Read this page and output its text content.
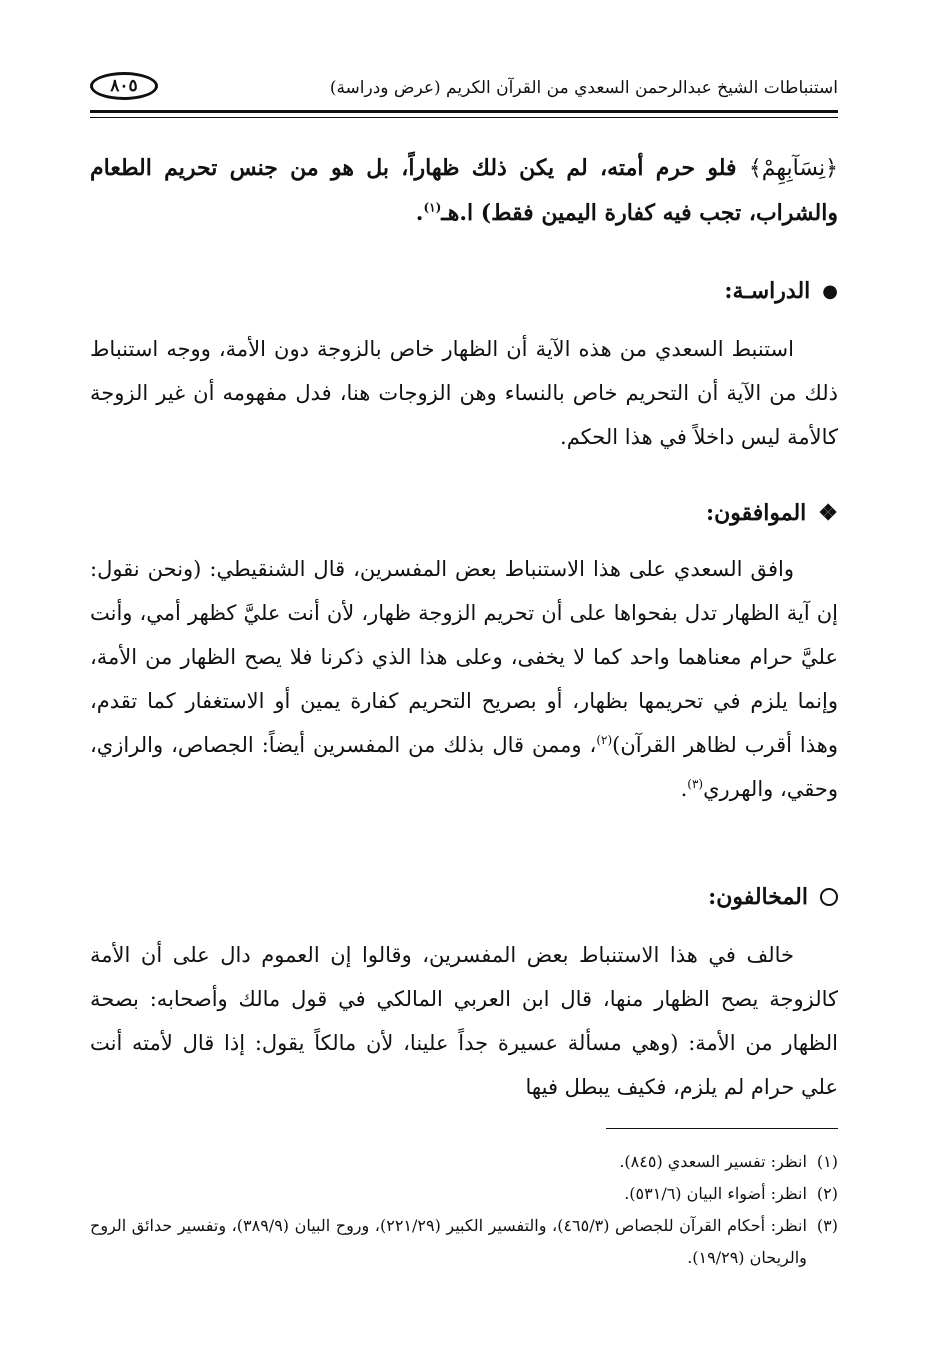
استنباطات الشيخ عبدالرحمن السعدي من القرآن الكريم (عرض ودراسة)
٨٠٥
﴿نِسَآبِهِمْ﴾ فلو حرم أمته، لم يكن ذلك ظهاراً، بل هو من جنس تحريم الطعام والشراب، تجب فيه كفارة اليمين فقط) ا.هـ$^{(١)}$.
●
الدراسـة:

استنبط السعدي من هذه الآية أن الظهار خاص بالزوجة دون الأمة، ووجه استنباط ذلك من الآية أن التحريم خاص بالنساء وهن الزوجات هنا، فدل مفهومه أن غير الزوجة كالأمة ليس داخلاً في هذا الحكم.

❖
الموافقون:

وافق السعدي على هذا الاستنباط بعض المفسرين، قال الشنقيطي: (ونحن نقول: إن آية الظهار تدل بفحواها على أن تحريم الزوجة ظهار، لأن أنت عليَّ كظهر أمي، وأنت عليَّ حرام معناهما واحد كما لا يخفى، وعلى هذا الذي ذكرنا فلا يصح الظهار من الأمة، وإنما يلزم في تحريمها بظهار، أو بصريح التحريم كفارة يمين أو الاستغفار كما تقدم، وهذا أقرب لظاهر القرآن)$^{(٢)}$، وممن قال بذلك من المفسرين أيضاً: الجصاص، والرازي، وحقي، والهرري$^{(٣)}$.

المخالفون:

خالف في هذا الاستنباط بعض المفسرين، وقالوا إن العموم دال على أن الأمة كالزوجة يصح الظهار منها، قال ابن العربي المالكي في قول مالك وأصحابه: بصحة الظهار من الأمة: (وهي مسألة عسيرة جداً علينا، لأن مالكاً يقول: إذا قال لأمته أنت علي حرام لم يلزم، فكيف يبطل فيها

(١)
انظر: تفسير السعدي (٨٤٥).
(٢)
انظر: أضواء البيان (٥٣١/٦).
(٣)
انظر: أحكام القرآن للجصاص (٤٦٥/٣)، والتفسير الكبير (٢٢١/٢٩)، وروح البيان (٣٨٩/٩)، وتفسير حدائق الروح والريحان (١٩/٢٩).
